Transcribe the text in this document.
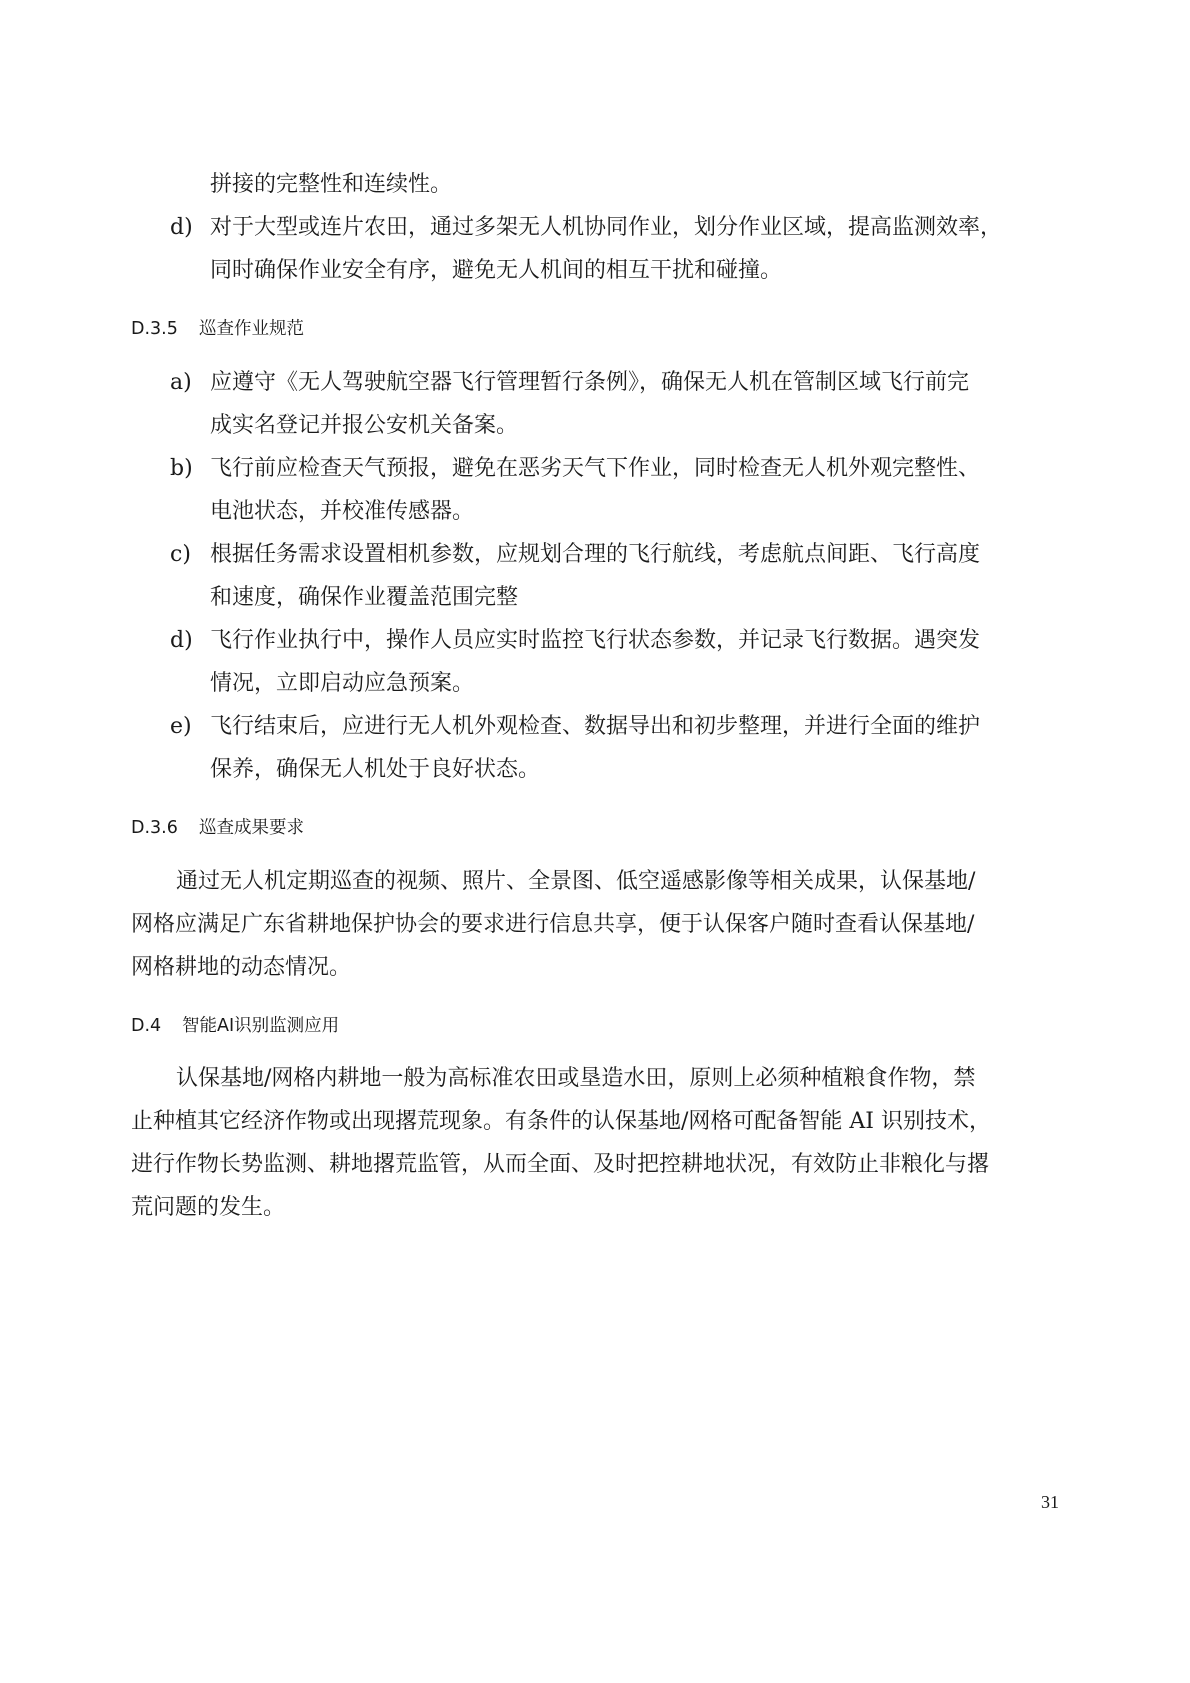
拼接的完整性和连续性。
d) 对于大型或连片农田，通过多架无人机协同作业，划分作业区域，提高监测效率，
同时确保作业安全有序，避免无人机间的相互干扰和碰撞。
D.3.5 巡查作业规范
a) 应遵守《无人驾驶航空器飞行管理暂行条例》，确保无人机在管制区域飞行前完
成实名登记并报公安机关备案。
b) 飞行前应检查天气预报，避免在恶劣天气下作业，同时检查无人机外观完整性、
电池状态，并校准传感器。
c) 根据任务需求设置相机参数，应规划合理的飞行航线，考虑航点间距、飞行高度
和速度，确保作业覆盖范围完整
d) 飞行作业执行中，操作人员应实时监控飞行状态参数，并记录飞行数据。遇突发
情况，立即启动应急预案。
e) 飞行结束后，应进行无人机外观检查、数据导出和初步整理，并进行全面的维护
保养，确保无人机处于良好状态。
D.3.6 巡查成果要求
通过无人机定期巡查的视频、照片、全景图、低空遥感影像等相关成果，认保基地/
网格应满足广东省耕地保护协会的要求进行信息共享，便于认保客户随时查看认保基地/
网格耕地的动态情况。
D.4 智能AI识别监测应用
认保基地/网格内耕地一般为高标准农田或垦造水田，原则上必须种植粮食作物，禁
止种植其它经济作物或出现撂荒现象。有条件的认保基地/网格可配备智能 AI 识别技术，
进行作物长势监测、耕地撂荒监管，从而全面、及时把控耕地状况，有效防止非粮化与撂
荒问题的发生。
31
